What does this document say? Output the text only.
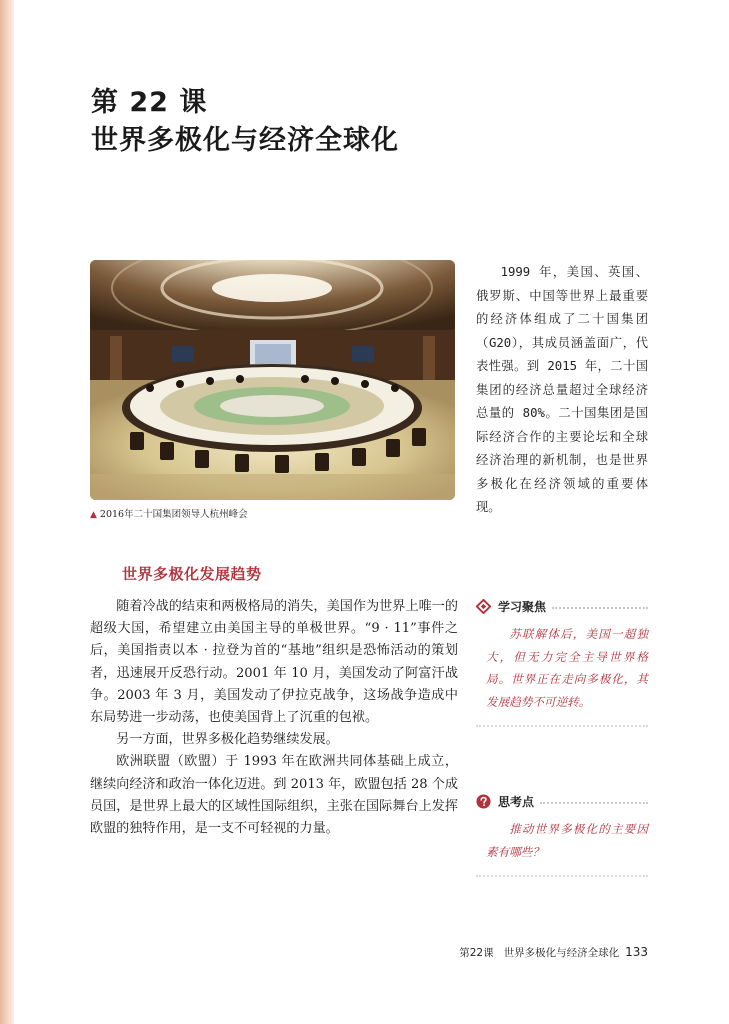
第 22 课
世界多极化与经济全球化
▲ 2016年二十国集团领导人杭州峰会

1999 年，美国、英国、俄罗斯、中国等世界上最重要的经济体组成了二十国集团（G20），其成员涵盖面广，代表性强。到 2015 年，二十国集团的经济总量超过全球经济总量的 80%。二十国集团是国际经济合作的主要论坛和全球经济治理的新机制，也是世界多极化在经济领域的重要体现。

世界多极化发展趋势

随着冷战的结束和两极格局的消失，美国作为世界上唯一的超级大国，希望建立由美国主导的单极世界。“9 · 11”事件之后，美国指责以本 · 拉登为首的“基地”组织是恐怖活动的策划者，迅速展开反恐行动。2001 年 10 月，美国发动了阿富汗战争。2003 年 3 月，美国发动了伊拉克战争，这场战争造成中东局势进一步动荡，也使美国背上了沉重的包袱。

另一方面，世界多极化趋势继续发展。

欧洲联盟（欧盟）于 1993 年在欧洲共同体基础上成立，继续向经济和政治一体化迈进。到 2013 年，欧盟包括 28 个成员国，是世界上最大的区域性国际组织，主张在国际舞台上发挥欧盟的独特作用，是一支不可轻视的力量。

学习聚焦

苏联解体后，美国一超独大，但无力完全主导世界格局。世界正在走向多极化，其发展趋势不可逆转。

思考点

推动世界多极化的主要因素有哪些？

第22课 世界多极化与经济全球化 133
